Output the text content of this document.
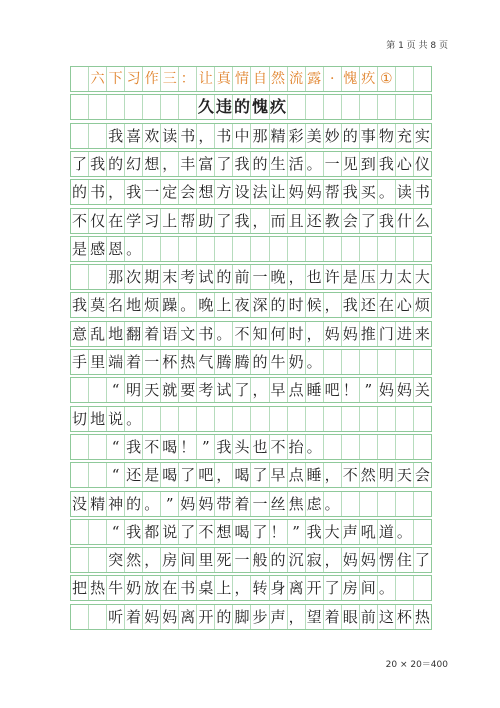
第 1 页 共 8 页
六 下 习 作 三 ： 让 真 情 自 然 流 露 · 愧 疚 ①
久 违 的 愧 疚
我 喜 欢 读 书 ， 书 中 那 精 彩 美 妙 的 事 物 充 实
了 我 的 幻 想 ， 丰 富 了 我 的 生 活 。 一 见 到 我 心 仪
的 书 ， 我 一 定 会 想 方 设 法 让 妈 妈 帮 我 买 。 读 书
不 仅 在 学 习 上 帮 助 了 我 ， 而 且 还 教 会 了 我 什 么
是 感 恩 。
那 次 期 末 考 试 的 前 一 晚 ， 也 许 是 压 力 太 大
我 莫 名 地 烦 躁 。 晚 上 夜 深 的 时 候 ， 我 还 在 心 烦
意 乱 地 翻 着 语 文 书 。 不 知 何 时 ， 妈 妈 推 门 进 来
手 里 端 着 一 杯 热 气 腾 腾 的 牛 奶 。
“ 明 天 就 要 考 试 了 ， 早 点 睡 吧 ！ ” 妈 妈 关
切 地 说 。
“ 我 不 喝 ！ ” 我 头 也 不 抬 。
“ 还 是 喝 了 吧 ， 喝 了 早 点 睡 ， 不 然 明 天 会
没 精 神 的 。 ” 妈 妈 带 着 一 丝 焦 虑 。
“ 我 都 说 了 不 想 喝 了 ！ ” 我 大 声 吼 道 。
突 然 ， 房 间 里 死 一 般 的 沉 寂 ， 妈 妈 愣 住 了
把 热 牛 奶 放 在 书 桌 上 ， 转 身 离 开 了 房 间 。
听 着 妈 妈 离 开 的 脚 步 声 ， 望 着 眼 前 这 杯 热
20 × 20＝400
